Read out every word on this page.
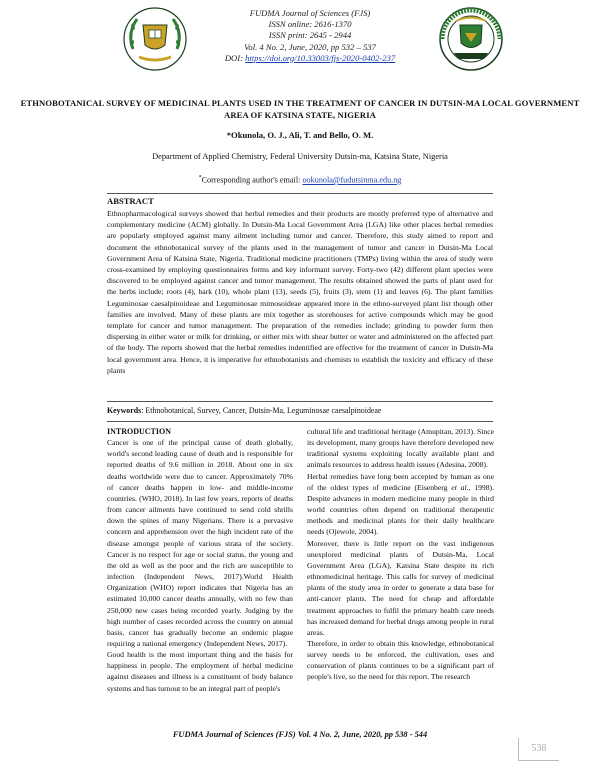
FUDMA Journal of Sciences (FJS)
ISSN online: 2616-1370
ISSN print: 2645 - 2944
Vol. 4 No. 2, June, 2020, pp 532 – 537
DOI: https://doi.org/10.33003/fjs-2020-0402-237
ETHNOBOTANICAL SURVEY OF MEDICINAL PLANTS USED IN THE TREATMENT OF CANCER IN DUTSIN-MA LOCAL GOVERNMENT AREA OF KATSINA STATE, NIGERIA
*Okunola, O. J., Ali, T. and Bello, O. M.
Department of Applied Chemistry, Federal University Dutsin-ma, Katsina State, Nigeria
*Corresponding author's email: ookunola@fudutsinma.edu.ng

ABSTRACT

Ethnopharmacological surveys showed that herbal remedies and their products are mostly preferred type of alternative and complementary medicine (ACM) globally. In Dutsin-Ma Local Government Area (LGA) like other places herbal remedies are popularly employed against many ailment including tumor and cancer. Therefore, this study aimed to report and document the ethnobotanical survey of the plants used in the management of tumor and cancer in Dutsin-Ma Local Government Area of Katsina State, Nigeria. Traditional medicine practitioners (TMPs) living within the area of study were cross-examined by employing questionnaires forms and key informant survey. Forty-two (42) different plant species were discovered to be employed against cancer and tumor management. The results obtained showed the parts of plant used for the herbs include; roots (4), bark (10), whole plant (13), seeds (5), fruits (3), stem (1) and leaves (6). The plant families Leguminosae caesalpinoideae and Leguminosae mimosoideae appeared more in the ethno-surveyed plant list though other families are involved. Many of these plants are mix together as storehouses for active compounds which may be good template for cancer and tumor management. The preparation of the remedies include; grinding to powder form then dispersing in either water or milk for drinking, or either mix with shear butter or water and administered on the affected part of the body. The reports showed that the herbal remedies indentified are effective for the treatment of cancer in Dutsin-Ma local government area. Hence, it is imperative for ethnobotanists and chemists to establish the toxicity and efficacy of these plants

Keywords: Ethnobotanical, Survey, Cancer, Dutsin-Ma, Leguminosae caesalpinoideae

INTRODUCTION

Cancer is one of the principal cause of death globally, world's second leading cause of death and is responsible for reported deaths of 9.6 million in 2018. About one in six deaths worldwide were due to cancer. Approximately 70% of cancer deaths happen in low- and middle-income countries. (WHO, 2018). In last few years, reports of deaths from cancer ailments have continued to send cold shrills down the spines of many Nigerians. There is a pervasive concern and apprehension over the high incident rate of the disease amongst people of various strata of the society. Cancer is no respect for age or social status, the young and the old as well as the poor and the rich are susceptible to infection (Independent News, 2017).World Health Organization (WHO) report indicates that Nigeria has an estimated 10,000 cancer deaths annually, with no few than 250,000 new cases being recorded yearly. Judging by the high number of cases recorded across the country on annual basis, cancer has gradually become an endemic plague requiring a national emergency (Independent News, 2017).

Good health is the most important thing and the basis for happiness in people. The employment of herbal medicine against diseases and illness is a constituent of body balance systems and has turnout to be an integral part of people's

cultural life and traditional heritage (Amupitan, 2013). Since its development, many groups have therefore developed new traditional systems exploiting locally available plant and animals resources to address health issues (Adesina, 2008).

Herbal remedies have long been accepted by human as one of the oldest types of medicine (Eisenberg et al., 1998). Despite advances in modern medicine many people in third world countries often depend on traditional therapeutic methods and medicinal plants for their daily healthcare needs (Ojewole, 2004).

Moreover, there is little report on the vast indigenous unexplored medicinal plants of Dutsin-Ma, Local Government Area (LGA), Katsina State despite its rich ethnomedicinal heritage. This calls for survey of medicinal plants of the study area in order to generate a data base for anti-cancer plants. The need for cheap and affordable treatment approaches to fulfil the primary health care needs has increased demand for herbal drugs among people in rural areas.

Therefore, in order to obtain this knowledge, ethnobotanical survey needs to be enforced, the cultivation, uses and conservation of plants continues to be a significant part of people's live, so the need for this report. The research

FUDMA Journal of Sciences (FJS) Vol. 4 No. 2, June, 2020, pp 538 - 544
538
